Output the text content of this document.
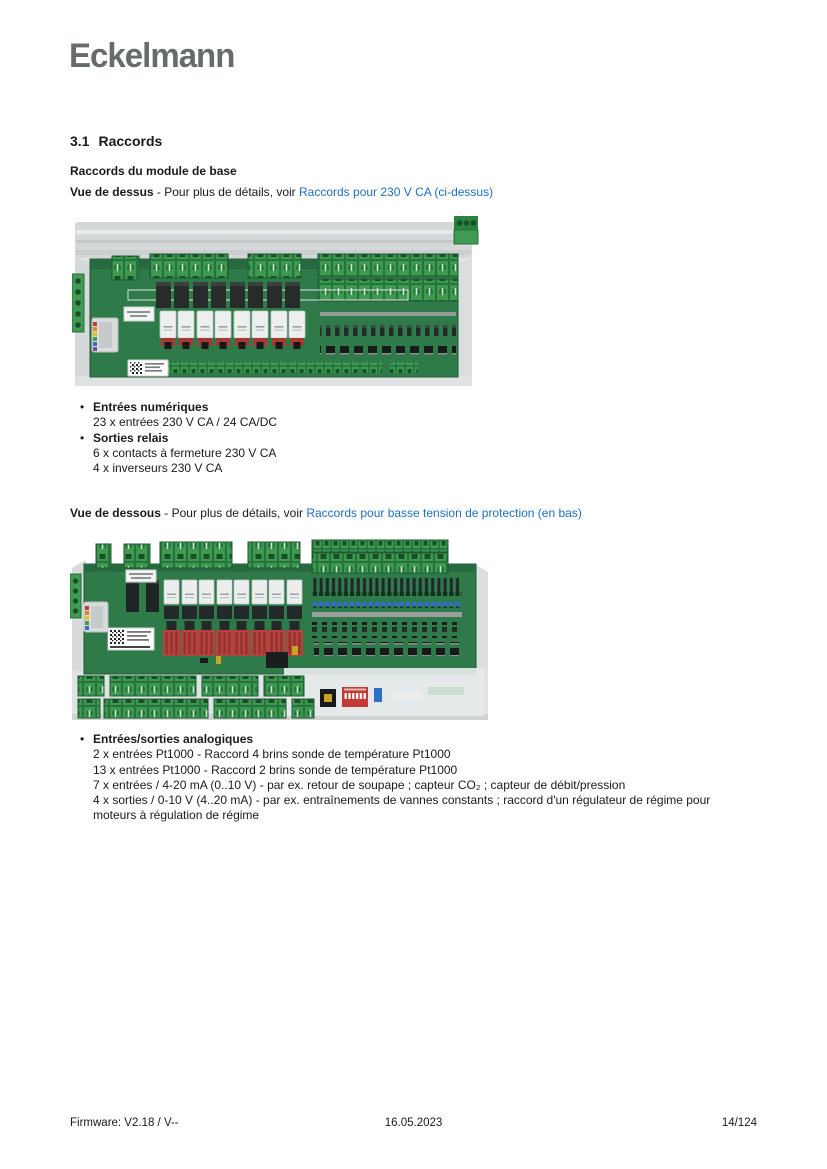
Eckelmann
3.1 Raccords
Raccords du module de base

Vue de dessus - Pour plus de détails, voir Raccords pour 230 V CA (ci-dessus)

• Entrées numériques
23 x entrées 230 V CA / 24 CA/DC
• Sorties relais
6 x contacts à fermeture 230 V CA
4 x inverseurs 230 V CA

Vue de dessous - Pour plus de détails, voir Raccords pour basse tension de protection (en bas)

• Entrées/sorties analogiques
2 x entrées Pt1000 - Raccord 4 brins sonde de température Pt1000
13 x entrées Pt1000 - Raccord 2 brins sonde de température Pt1000
7 x entrées / 4-20 mA (0..10 V) - par ex. retour de soupape ; capteur CO₂ ; capteur de débit/pression
4 x sorties / 0-10 V (4..20 mA) - par ex. entraînements de vannes constants ; raccord d'un régulateur de régime pour moteurs à régulation de régime
Firmware: V2.18 / V--	16.05.2023	14/124
